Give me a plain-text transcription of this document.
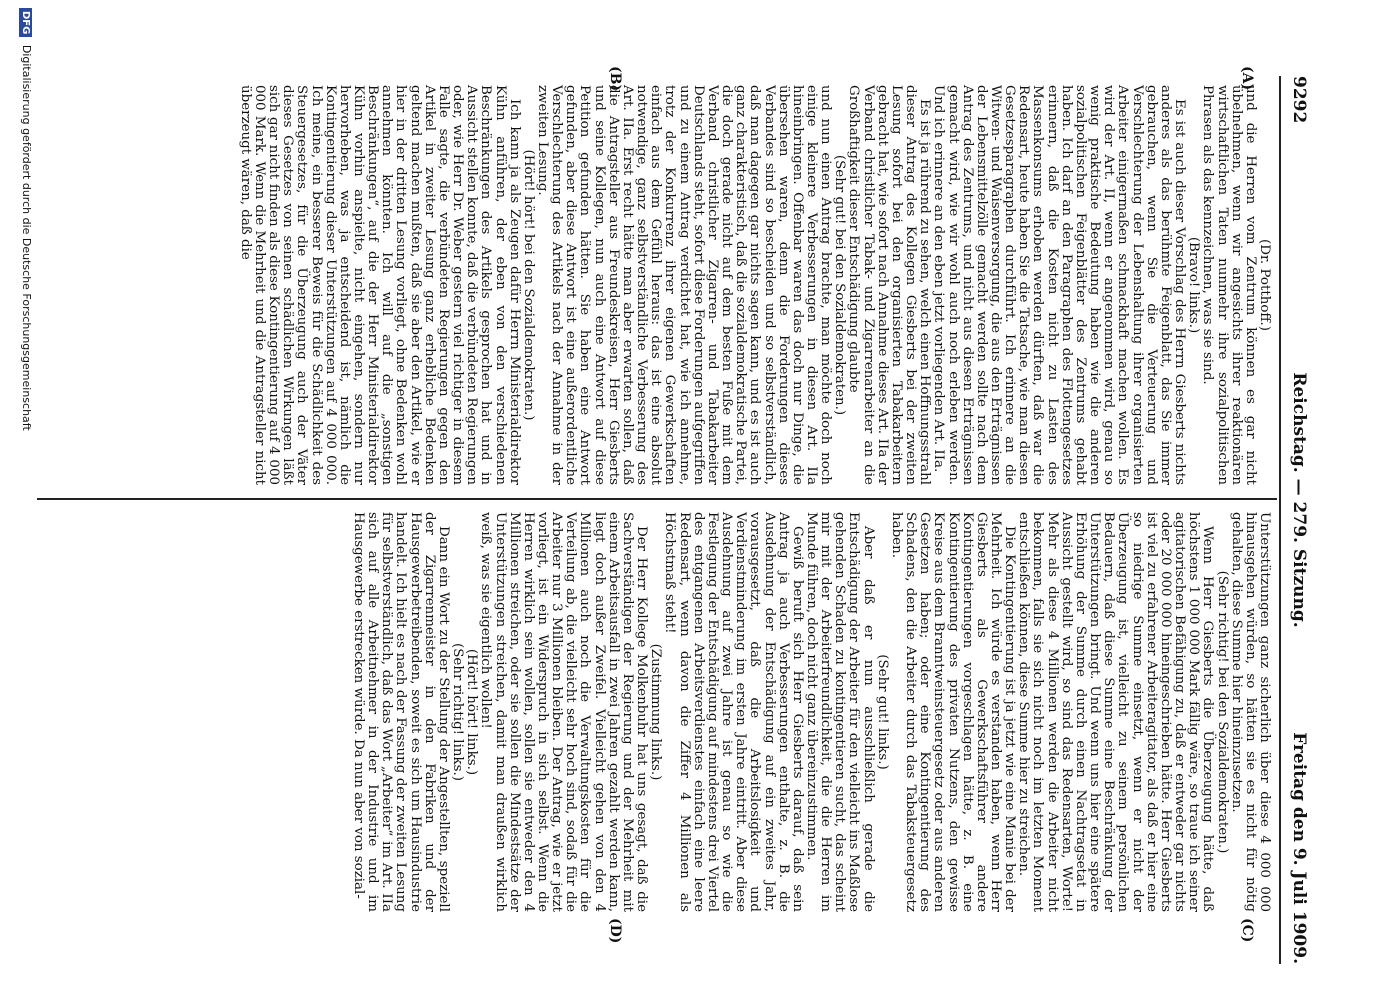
9292
Reichstag. — 279. Sitzung.
Freitag den 9. Juli 1909.
(A)
(B)
(C)
(D)

(Dr. Potthoff.)

und die Herren vom Zentrum können es gar nicht übelnehmen, wenn wir angesichts ihrer reaktionären wirtschaftlichen Taten nunmehr ihre sozialpolitischen Phrasen als das kennzeichnen, was sie sind.

(Bravo! links.)

Es ist auch dieser Vorschlag des Herrn Giesberts nichts anderes als das berühmte Feigenblatt, das Sie immer gebrauchen, wenn Sie die Verteuerung und Verschlechterung der Lebenshaltung ihrer organisierten Arbeiter einigermaßen schmackhaft machen wollen. Es wird der Art. II, wenn er angenommen wird, genau so wenig praktische Bedeutung haben wie die anderen sozialpolitischen Feigenblätter des Zentrums gehabt haben. Ich darf an den Paragraphen des Flottengesetzes erinnern, daß die Kosten nicht zu Lasten des Massenkonsums erhoben werden dürften, daß war die Redensart, heute haben Sie die Tatsache, wie man diesen Gesetzesparagraphen durchführt. Ich erinnere an die Witwen- und Waisenversorgung, die aus den Erträgnissen der Lebensmittelzölle gemacht werden sollte nach dem Antrag des Zentrums, und nicht aus diesen Erträgnissen gemacht wird, wie wir wohl auch noch erleben werden. Und ich erinnere an den eben jetzt vorliegenden Art. IIa.

Es ist ja rührend zu sehen, welch einen Hoffnungsstrahl dieser Antrag des Kollegen Giesberts bei der zweiten Lesung sofort bei den organisierten Tabakarbeitern gebracht hat, wie sofort nach Annahme dieses Art. IIa der Verband christlicher Tabak- und Zigarrenarbeiter an die Großhaftigkeit dieser Entschädigung glaubte

(Sehr gut! bei den Sozialdemokraten.)

und nun einen Antrag brachte, man möchte doch noch einige kleinere Verbesserungen in diesen Art. IIa hineinbringen. Offenbar waren das doch nur Dinge, die übersehen waren, denn die Forderungen dieses Verbandes sind so bescheiden und so selbstverständlich, daß man dagegen gar nichts sagen kann, und es ist auch ganz charakteristisch, daß die sozialdemokratische Partei, die doch gerade nicht auf dem besten Fuße mit dem Verband christlicher Zigarren- und Tabakarbeiter Deutschlands steht, sofort diese Forderungen aufgegriffen und zu einem Antrag verdichtet hat, wie ich annehme, trotz der Konkurrenz ihrer eigenen Gewerkschaften einfach aus dem Gefühl heraus: das ist eine absolut notwendige, ganz selbstverständliche Verbesserung des Art. IIa. Erst recht hätte man aber erwarten sollen, daß die Antragsteller aus Freundeskreisen, Herr Giesberts und seine Kollegen, nun auch eine Antwort auf diese Petition gefunden hätten. Sie haben eine Antwort gefunden, aber diese Antwort ist eine außerordentliche Verschlechterung des Artikels nach der Annahme in der zweiten Lesung.

(Hört! hört! bei den Sozialdemokraten.)

Ich kann ja als Zeugen dafür Herrn Ministerialdirektor Kühn anführen, der eben von den verschiedenen Beschränkungen des Artikels gesprochen hat und in Aussicht stellen konnte, daß die verbündeten Regierungen oder, wie Herr Dr. Weber gestern viel richtiger in diesem Falle sagte, die verbündeten Regierungen gegen den Artikel in zweiter Lesung ganz erhebliche Bedenken geltend machen mußten, daß sie aber den Artikel, wie er hier in der dritten Lesung vorliegt, ohne Bedenken wohl annehmen könnten. Ich will auf die „sonstigen Beschränkungen“, auf die der Herr Ministerialdirektor Kühn vorhin anspielte, nicht eingehen, sondern nur hervorheben, was ja entscheidend ist, nämlich die Kontingentierung dieser Unterstützungen auf 4 000 000. Ich meine, ein besserer Beweis für die Schädlichkeit des Steuergesetzes, für die Überzeugung auch der Väter dieses Gesetzes von seinen schädlichen Wirkungen läßt sich gar nicht finden als diese Kontingentierung auf 4 000 000 Mark. Wenn die Mehrheit und die Antragsteller nicht überzeugt wären, daß die

Unterstützungen ganz sicherlich über diese 4 000 000 hinausgehen würden, so hätten sie es nicht für nötig gehalten, diese Summe hier hineinzusetzen.

(Sehr richtig! bei den Sozialdemokraten.)

Wenn Herr Giesberts die Überzeugung hätte, daß höchstens 1 000 000 Mark fällig wäre, so traue ich seiner agitatorischen Befähigung zu, daß er entweder gar nichts oder 20 000 000 hineingeschrieben hätte. Herr Giesberts ist viel zu erfahrener Arbeiteragitator, als daß er hier eine so niedrige Summe einsetzt, wenn er nicht der Überzeugung ist, vielleicht zu seinem persönlichen Bedauern, daß diese Summe eine Beschränkung der Unterstützungen bringt. Und wenn uns hier eine spätere Erhöhung der Summe durch einen Nachtragsetat in Aussicht gestellt wird, so sind das Redensarten, Worte! Mehr als diese 4 Millionen werden die Arbeiter nicht bekommen, falls sie sich nicht noch im letzten Moment entschließen können, diese Summe hier zu streichen.

Die Kontingentierung ist ja jetzt wie eine Manie bei der Mehrheit. Ich würde es verstanden haben, wenn Herr Giesberts als Gewerkschaftsführer andere Kontingentierungen vorgeschlagen hätte, z. B. eine Kontingentierung des privaten Nutzens, den gewisse Kreise aus dem Branntweinsteuergesetz oder aus anderen Gesetzen haben; oder eine Kontingentierung des Schadens, den die Arbeiter durch das Tabaksteuergesetz haben.

(Sehr gut! links.)

Aber daß er nun ausschließlich gerade die Entschädigung der Arbeiter für den vielleicht ins Maßlose gehenden Schaden zu kontingentieren sucht, das scheint mir mit der Arbeiterfreundlichkeit, die die Herren im Munde führen, doch nicht ganz übereinzustimmen.

Gewiß beruft sich Herr Giesberts darauf, daß sein Antrag ja auch Verbesserungen enthalte, z. B. die Ausdehnung der Entschädigung auf ein zweites Jahr, vorausgesetzt, daß die Arbeitslosigkeit und Verdienstminderung im ersten Jahre eintritt. Aber diese Ausdehnung auf zwei Jahre ist genau so wie die Festlegung der Entschädigung auf mindestens drei Viertel des entgangenen Arbeitsverdienstes einfach eine leere Redensart, wenn davon die Ziffer 4 Millionen als Höchstmaß steht!

(Zustimmung links.)

Der Herr Kollege Molkenbuhr hat uns gesagt, daß die Sachverständigen der Regierung und der Mehrheit mit einem Arbeitsausfall in zwei Jahren gezahlt werden kann, liegt doch außer Zweifel. Vielleicht gehen von den 4 Millionen auch noch die Verwaltungskosten für die Verteilung ab, die vielleicht sehr hoch sind, sodaß für die Arbeiter nur 3 Millionen bleiben. Der Antrag, wie er jetzt vorliegt, ist ein Widerspruch in sich selbst. Wenn die Herren wirklich sein wollen, sollen sie entweder den 4 Millionen streichen, oder sie sollen die Mindestsätze der Unterstützungen streichen, damit man draußen wirklich weiß, was sie eigentlich wollen!

(Hört! hört! links.)

(Sehr richtig! links.)

Dann ein Wort zu der Stellung der Angestellten, speziell der Zigarrenmeister in den Fabriken und der Hausgewerbetreibenden, soweit es sich um Hausindustrie handelt. Ich hielt es nach der Fassung der zweiten Lesung für selbstverständlich, daß das Wort „Arbeiter“ im Art. IIa sich auf alle Arbeitnehmer in der Industrie und im Hausgewerbe erstrecken würde. Da nun aber von sozial-

DFG Digitalisierung gefördert durch die Deutsche Forschungsgemeinschaft
